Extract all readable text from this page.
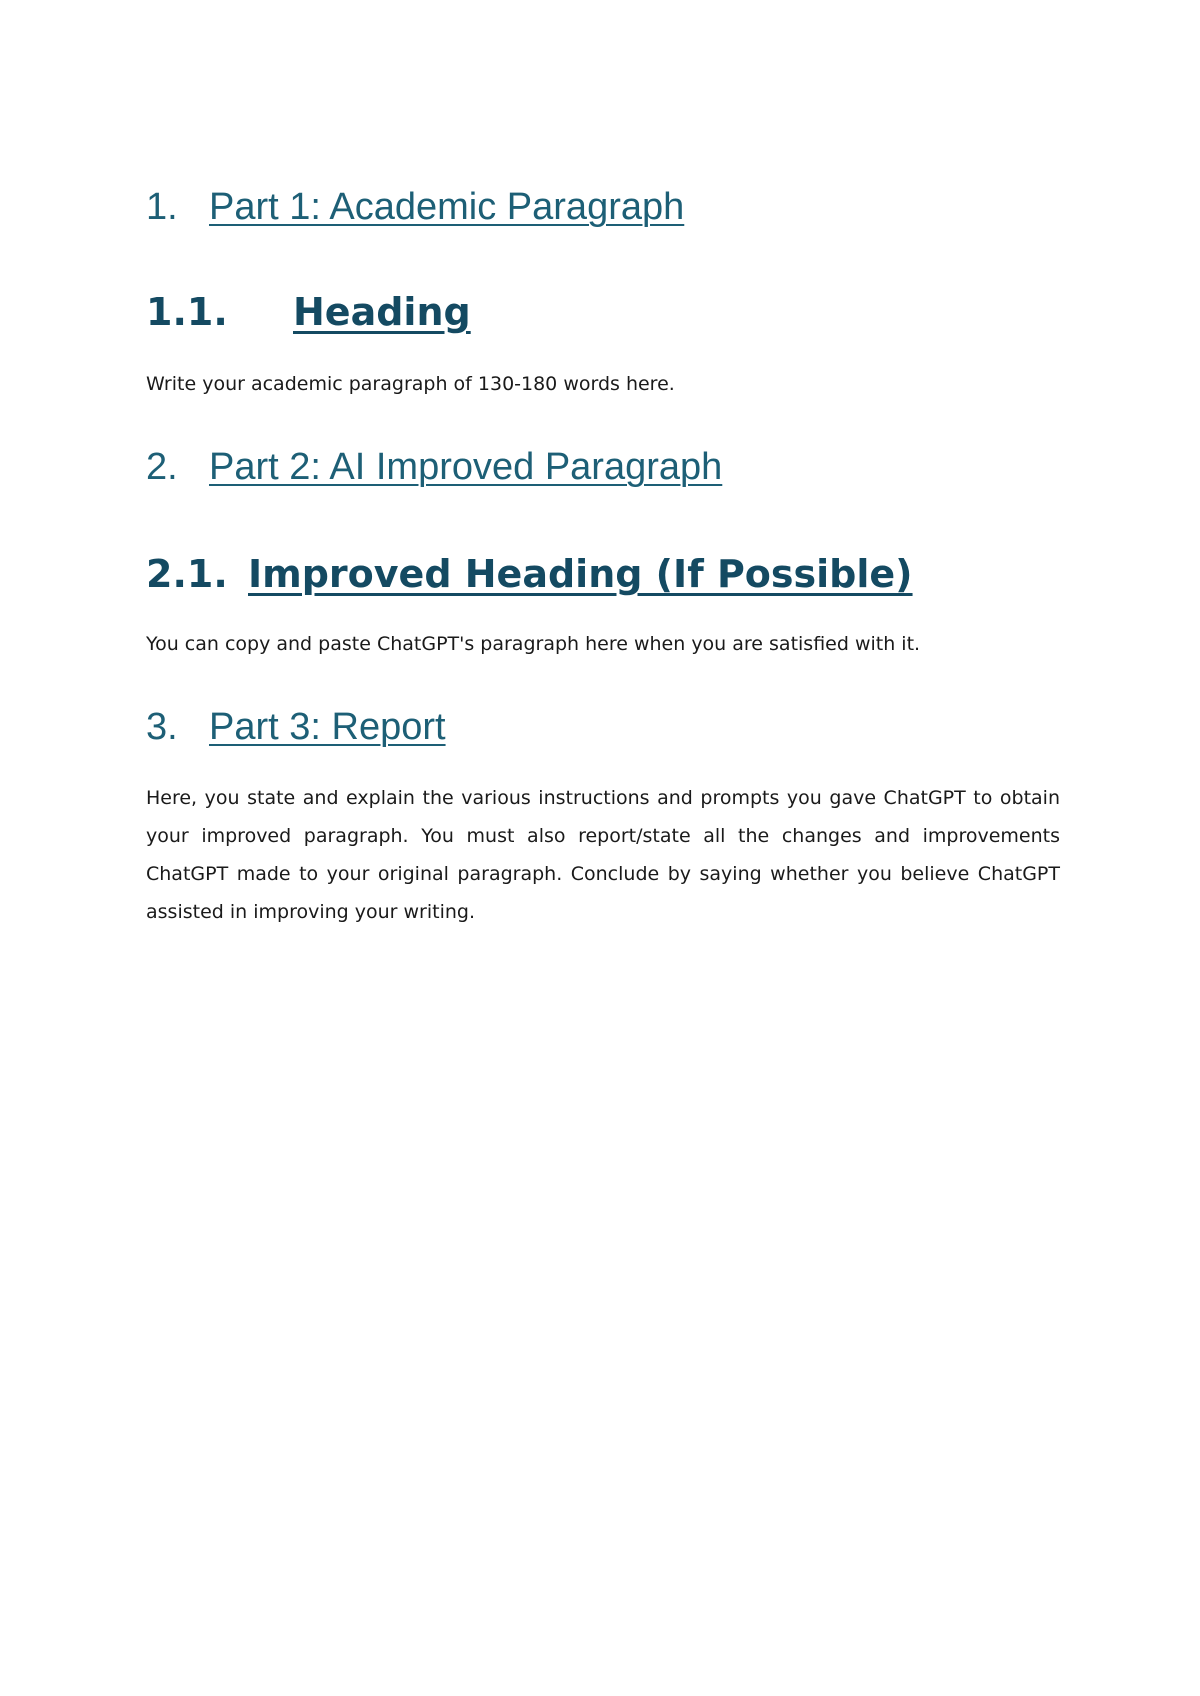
1. Part 1: Academic Paragraph
1.1. Heading
Write your academic paragraph of 130-180 words here.
2. Part 2: AI Improved Paragraph
2.1. Improved Heading (If Possible)
You can copy and paste ChatGPT's paragraph here when you are satisfied with it.
3. Part 3: Report
Here, you state and explain the various instructions and prompts you gave ChatGPT to obtain your improved paragraph. You must also report/state all the changes and improvements ChatGPT made to your original paragraph. Conclude by saying whether you believe ChatGPT assisted in improving your writing.
